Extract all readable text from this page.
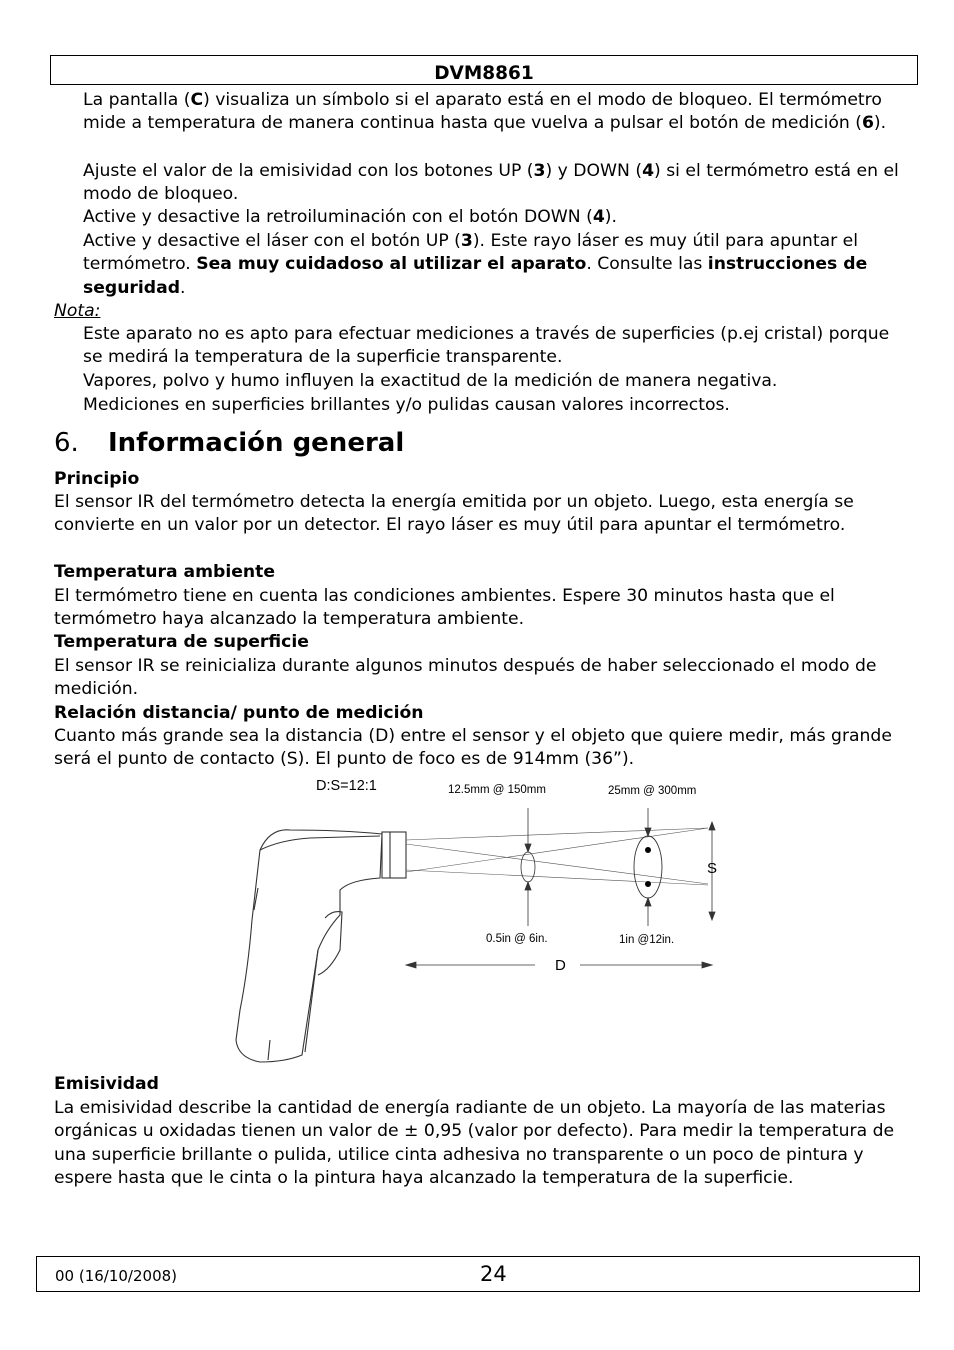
DVM8861
La pantalla (C) visualiza un símbolo si el aparato está en el modo de bloqueo. El termómetro mide a temperatura de manera continua hasta que vuelva a pulsar el botón de medición (6).
Ajuste el valor de la emisividad con los botones UP (3) y DOWN (4) si el termómetro está en el modo de bloqueo.
Active y desactive la retroiluminación con el botón DOWN (4).
Active y desactive el láser con el botón UP (3). Este rayo láser es muy útil para apuntar el termómetro. Sea muy cuidadoso al utilizar el aparato. Consulte las instrucciones de seguridad.
Nota:
Este aparato no es apto para efectuar mediciones a través de superficies (p.ej cristal) porque se medirá la temperatura de la superficie transparente.
Vapores, polvo y humo influyen la exactitud de la medición de manera negativa.
Mediciones en superficies brillantes y/o pulidas causan valores incorrectos.
6. Información general
Principio
El sensor IR del termómetro detecta la energía emitida por un objeto. Luego, esta energía se convierte en un valor por un detector. El rayo láser es muy útil para apuntar el termómetro.
Temperatura ambiente
El termómetro tiene en cuenta las condiciones ambientes. Espere 30 minutos hasta que el termómetro haya alcanzado la temperatura ambiente.
Temperatura de superficie
El sensor IR se reinicializa durante algunos minutos después de haber seleccionado el modo de medición.
Relación distancia/ punto de medición
Cuanto más grande sea la distancia (D) entre el sensor y el objeto que quiere medir, más grande será el punto de contacto (S). El punto de foco es de 914mm (36”).
D:S=12:1	12.5mm @ 150mm	25mm @ 300mm
0.5in @ 6in.	1in @12in.
S
D
Emisividad
La emisividad describe la cantidad de energía radiante de un objeto. La mayoría de las materias orgánicas u oxidadas tienen un valor de ± 0,95 (valor por defecto). Para medir la temperatura de una superficie brillante o pulida, utilice cinta adhesiva no transparente o un poco de pintura y espere hasta que le cinta o la pintura haya alcanzado la temperatura de la superficie.
00 (16/10/2008)	24
